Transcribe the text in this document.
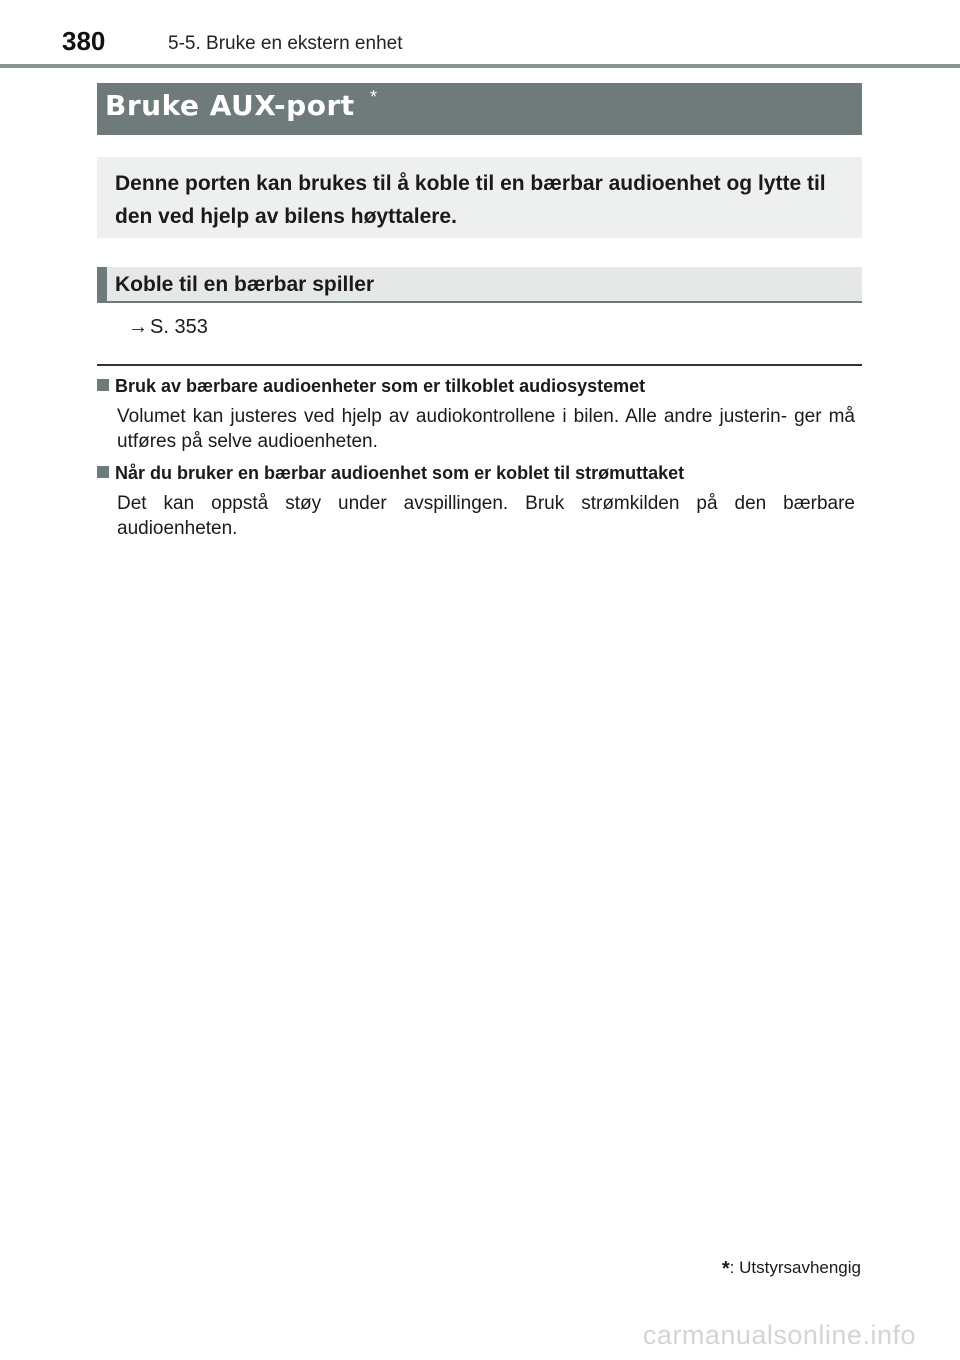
380	5-5. Bruke en ekstern enhet
Bruke AUX-port *
Denne porten kan brukes til å koble til en bærbar audioenhet og lytte til den ved hjelp av bilens høyttalere.
Koble til en bærbar spiller
→ S. 353
Bruk av bærbare audioenheter som er tilkoblet audiosystemet
Volumet kan justeres ved hjelp av audiokontrollene i bilen. Alle andre justerin- ger må utføres på selve audioenheten.
Når du bruker en bærbar audioenhet som er koblet til strømuttaket
Det kan oppstå støy under avspillingen. Bruk strømkilden på den bærbare audioenheten.
*: Utstyrsavhengig
carmanualsonline.info
